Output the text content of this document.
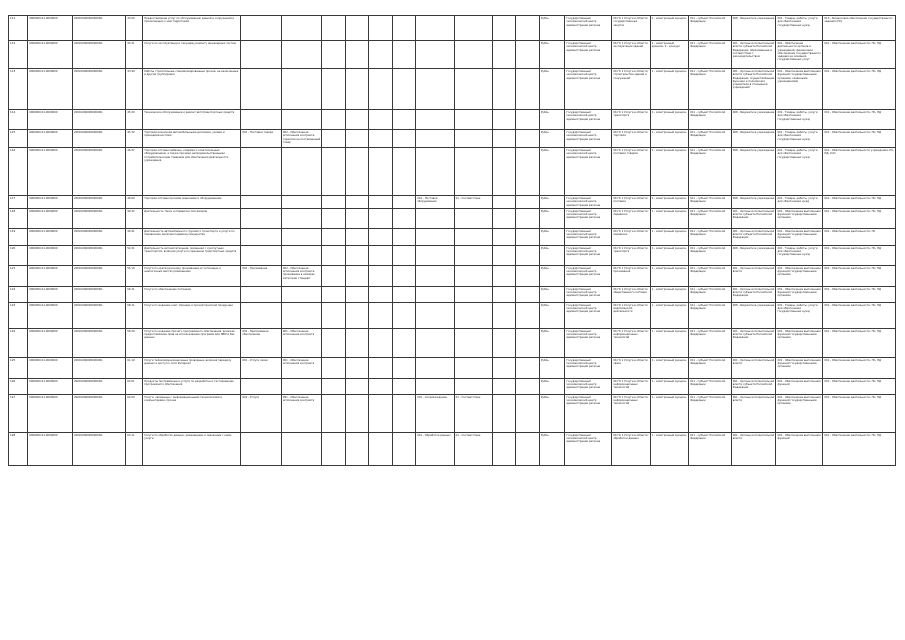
111	0000000-01-0000000	20001000000000000-	43.00	Предоставление услуг по обслуживанию зданий и сооружений и прилегающих к ним территорий											Рубль	Государственный экономический центр администрации региона	06 ГК 1 Услуги в области государственных закупок	1 - электронный аукцион	011 - субъект Российской Федерации	008 - Бюджетное учреждение	001 - Товары, работы, услуги для обеспечения государственных нужд	010 - Финансовое обеспечение государственного задания (ПС)
112	0000000-01-0000000	20001000000000000-	43.21	Услуги по эксплуатации и текущему ремонту инженерных систем											Рубль	Государственный экономический центр администрации региона	06 ГК 1 Услуги в области эксплуатации зданий	1 - электронный аукцион, 2 - конкурс	011 - субъект Российской Федерации	001 - Органы исполнительной власти субъекта Российской Федерации, образованные в соответствии с законодательством	001 - Обеспечение деятельности органов и учреждений, финансовое обеспечение государственного задания на оказание государственных услуг	001 - Обеспечение деятельности, ПС, НД
113	0000000-01-0000000	20001000000000000-	43.99	Работы строительные специализированные прочие, не включенные в другие группировки											Рубль	Государственный экономический центр администрации региона	06 ГК 1 Услуги в области строительства зданий и сооружений	1 - электронный аукцион	011 - субъект Российской Федерации	001 - Органы исполнительной власти субъекта Российской Федерации, осуществляющие функции и полномочия учредителя в отношении учреждений	001 - Обеспечение выполнения функций государственными органами, казенными учреждениями	001 - Обеспечение деятельности, ПС, НД
114	0000000-01-0000000	20001000000000000-	45.20	Техническое обслуживание и ремонт автотранспортных средств											Рубль	Государственный экономический центр администрации региона	06 ГК 1 Услуги в области транспорта	1 - электронный аукцион	011 - субъект Российской Федерации	008 - Бюджетное учреждение	001 - Товары, работы, услуги для обеспечения государственных нужд	001 - Обеспечение деятельности, ПС, НД
115	0000000-01-0000000	20001000000000000-	45.32	Торговля розничная автомобильными деталями, узлами и принадлежностями	001 - Поставка товара	002 - Обеспечение исполнения контракта, гарантия на поставленный товар									Рубль	Государственный экономический центр администрации региона	06 ГК 1 Услуги в области торговли	1 - электронный аукцион	011 - субъект Российской Федерации	008 - Бюджетное учреждение	001 - Товары, работы, услуги для обеспечения государственных нужд	001 - Обеспечение деятельности, ПС, НД
116	0000000-01-0000000	20001000000000000-	46.47	Торговля оптовая мебелью, коврами и осветительным оборудованием, а также прочими непродовольственными потребительскими товарами для обеспечения деятельности учреждения											Рубль	Государственный экономический центр администрации региона	06 ГК 1 Услуги в области поставки товаров	1 - электронный аукцион	011 - субъект Российской Федерации	008 - Бюджетное учреждение	001 - Товары, работы, услуги для обеспечения государственных нужд	001 - Обеспечение деятельности учреждения, ПС, НД, 0,01
117	0000000-01-0000000	20001000000000000-	46.69	Торговля оптовая прочими машинами и оборудованием							001 - Поставка оборудования	01 - Соответствие			Рубль	Государственный экономический центр администрации региона	06 ГК 1 Услуги в области поставки	1 - электронный аукцион	011 - субъект Российской Федерации	008 - Бюджетное учреждение	001 - Товары, работы, услуги для обеспечения нужд	001 - Обеспечение деятельности, ПС, НД
118	0000000-01-0000000	20001000000000000-	49.32	Деятельность такси и перевозки пассажиров											Рубль	Государственный экономический центр администрации региона	06 ГК 1 Услуги в области перевозок	1 - электронный аукцион	011 - субъект Российской Федерации	001 - Органы исполнительной власти субъекта Российской Федерации	001 - Обеспечение выполнения функций государственными органами	001 - Обеспечение деятельности, ПС, НД
119	0000000-01-0000000	20001000000000000-	49.41	Деятельность автомобильного грузового транспорта и услуги по перевозкам, включая перевозку имущества											Рубль	Государственный экономический центр администрации региона	06 ГК 1 Услуги в области перевозок	1 - электронный аукцион	011 - субъект Российской Федерации	001 - Органы исполнительной власти субъекта Российской Федерации	001 - Обеспечение выполнения функций государственными органами	001 - Обеспечение деятельности, ПС
120	0000000-01-0000000	20001000000000000-	52.21	Деятельность вспомогательная, связанная с сухопутным транспортом, включая услуги по хранению транспортных средств											Рубль	Государственный экономический центр администрации региона	06 ГК 1 Услуги в области транспорта	1 - электронный аукцион	011 - субъект Российской Федерации	008 - Бюджетное учреждение	001 - Товары, работы, услуги для обеспечения государственных нужд	001 - Обеспечение деятельности, ПС, НД
121	0000000-01-0000000	20001000000000000-	55.10	Услуги по краткосрочному проживанию в гостиницах и аналогичных местах размещения	001 - Проживание	002 - Обеспечение исполнения контракта, проживание в номерах категории стандарт									Рубль	Государственный экономический центр администрации региона	06 ГК 1 Услуги в области проживания	1 - электронный аукцион	011 - субъект Российской Федерации	001 - Органы исполнительной власти	001 - Обеспечение выполнения функций государственными органами	001 - Обеспечение деятельности, ПС, НД
122	0000000-01-0000000	20001000000000000-	56.21	Услуги по обеспечению питанием											Рубль	Государственный экономический центр администрации региона	06 ГК 1 Услуги в области общественного питания	1 - электронный аукцион	011 - субъект Российской Федерации	001 - Органы исполнительной власти субъекта Российской Федерации	001 - Обеспечение выполнения функций государственными органами	001 - Обеспечение деятельности, ПС, НД
123	0000000-01-0000000	20001000000000000-	58.11	Услуги по изданию книг, брошюр и прочей печатной продукции											Рубль	Государственный экономический центр администрации региона	06 ГК 1 Услуги в области издательской деятельности	1 - электронный аукцион	011 - субъект Российской Федерации	008 - Бюджетное учреждение	001 - Товары, работы, услуги для обеспечения государственных нужд	001 - Обеспечение деятельности, ПС, НД
124	0000000-01-0000000	20001000000000000-	58.29	Услуги по изданию прочего программного обеспечения, включая предоставление прав на использование программ для ЭВМ и баз данных	001 - Программное обеспечение	001 - Обеспечение исполнения контракта									Рубль	Государственный экономический центр администрации региона	06 ГК 1 Услуги в области информационных технологий	1 - электронный аукцион	011 - субъект Российской Федерации	001 - Органы исполнительной власти субъекта Российской Федерации	001 - Обеспечение выполнения функций государственными органами	001 - Обеспечение деятельности, ПС, НД
125	0000000-01-0000000	20001000000000000-	61.10	Услуги телекоммуникационные проводные, включая передачу данных и доступ к сети Интернет	001 - Услуги связи	001 - Обеспечение исполнения контракта									Рубль	Государственный экономический центр администрации региона	06 ГК 1 Услуги в области связи	1 - электронный аукцион	011 - субъект Российской Федерации	001 - Органы исполнительной власти	001 - Обеспечение выполнения функций государственными органами	001 - Обеспечение деятельности, ПС, НД
126	0000000-01-0000000	20001000000000000-	62.01	Продукты программные и услуги по разработке и тестированию программного обеспечения											Рубль	Государственный экономический центр администрации региона	06 ГК 1 Услуги в области информационных технологий	1 - электронный аукцион	011 - субъект Российской Федерации	001 - Органы исполнительной власти субъекта Российской Федерации	001 - Обеспечение выполнения функций	001 - Обеспечение деятельности, ПС, НД
127	0000000-01-0000000	20001000000000000-	62.09	Услуги, связанные с информационными технологиями и компьютерами, прочие	001 - Услуги	001 - Обеспечение исполнения контракта					001 - Сопровождение	01 - Соответствие			Рубль	Государственный экономический центр администрации региона	06 ГК 1 Услуги в области информационных технологий	1 - электронный аукцион	011 - субъект Российской Федерации	001 - Органы исполнительной власти	001 - Обеспечение выполнения функций государственными органами	001 - Обеспечение деятельности, ПС, НД
128	0000000-01-0000000	20001000000000000-	63.11	Услуги по обработке данных, размещению и связанные с ними услуги							001 - Обработка данных	01 - Соответствие			Рубль	Государственный экономический центр администрации региона	06 ГК 1 Услуги в области обработки данных	1 - электронный аукцион	011 - субъект Российской Федерации	001 - Органы исполнительной власти	001 - Обеспечение выполнения функций	001 - Обеспечение деятельности, ПС, НД
